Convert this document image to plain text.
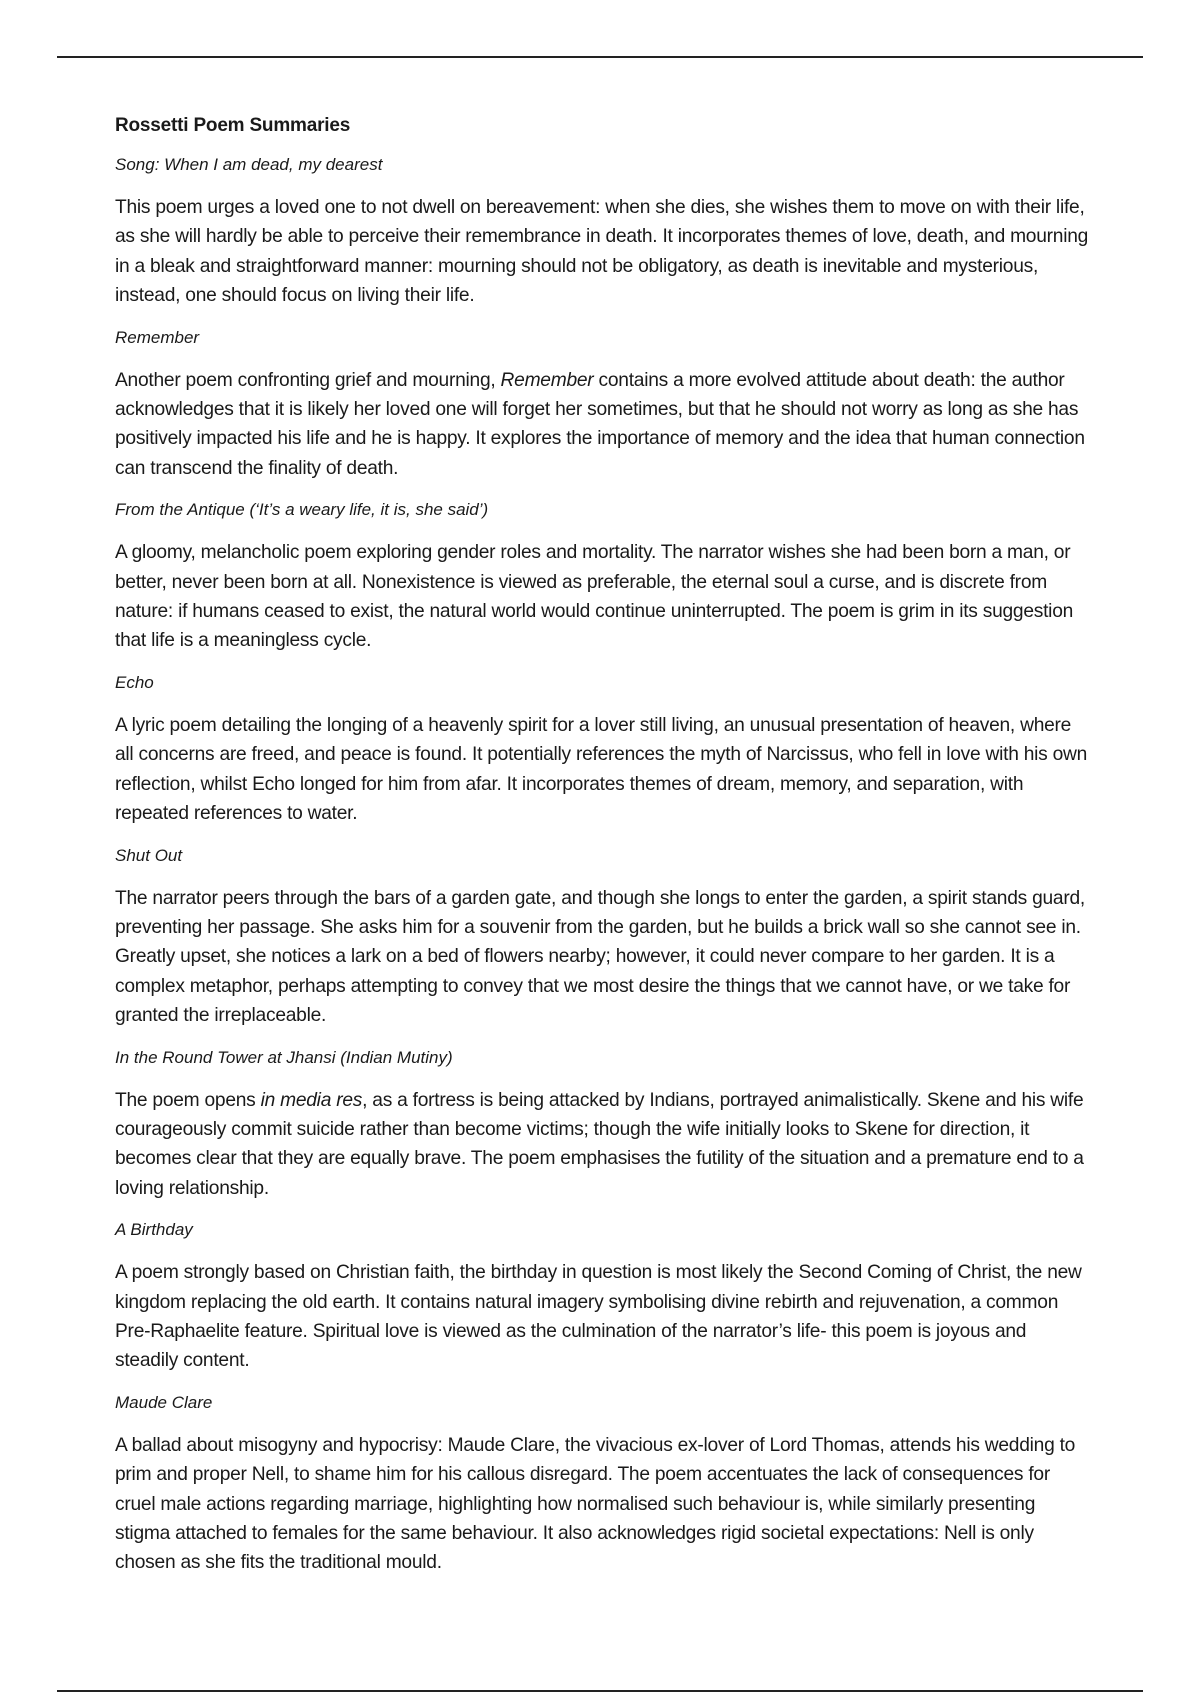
Rossetti Poem Summaries

Song: When I am dead, my dearest

This poem urges a loved one to not dwell on bereavement: when she dies, she wishes them to move on with their life, as she will hardly be able to perceive their remembrance in death. It incorporates themes of love, death, and mourning in a bleak and straightforward manner: mourning should not be obligatory, as death is inevitable and mysterious, instead, one should focus on living their life.

Remember

Another poem confronting grief and mourning, Remember contains a more evolved attitude about death: the author acknowledges that it is likely her loved one will forget her sometimes, but that he should not worry as long as she has positively impacted his life and he is happy. It explores the importance of memory and the idea that human connection can transcend the finality of death.

From the Antique (‘It’s a weary life, it is, she said’)

A gloomy, melancholic poem exploring gender roles and mortality. The narrator wishes she had been born a man, or better, never been born at all. Nonexistence is viewed as preferable, the eternal soul a curse, and is discrete from nature: if humans ceased to exist, the natural world would continue uninterrupted. The poem is grim in its suggestion that life is a meaningless cycle.

Echo

A lyric poem detailing the longing of a heavenly spirit for a lover still living, an unusual presentation of heaven, where all concerns are freed, and peace is found. It potentially references the myth of Narcissus, who fell in love with his own reflection, whilst Echo longed for him from afar. It incorporates themes of dream, memory, and separation, with repeated references to water.

Shut Out

The narrator peers through the bars of a garden gate, and though she longs to enter the garden, a spirit stands guard, preventing her passage. She asks him for a souvenir from the garden, but he builds a brick wall so she cannot see in. Greatly upset, she notices a lark on a bed of flowers nearby; however, it could never compare to her garden. It is a complex metaphor, perhaps attempting to convey that we most desire the things that we cannot have, or we take for granted the irreplaceable.

In the Round Tower at Jhansi (Indian Mutiny)

The poem opens in media res, as a fortress is being attacked by Indians, portrayed animalistically. Skene and his wife courageously commit suicide rather than become victims; though the wife initially looks to Skene for direction, it becomes clear that they are equally brave. The poem emphasises the futility of the situation and a premature end to a loving relationship.

A Birthday

A poem strongly based on Christian faith, the birthday in question is most likely the Second Coming of Christ, the new kingdom replacing the old earth. It contains natural imagery symbolising divine rebirth and rejuvenation, a common Pre-Raphaelite feature. Spiritual love is viewed as the culmination of the narrator’s life- this poem is joyous and steadily content.

Maude Clare

A ballad about misogyny and hypocrisy: Maude Clare, the vivacious ex-lover of Lord Thomas, attends his wedding to prim and proper Nell, to shame him for his callous disregard. The poem accentuates the lack of consequences for cruel male actions regarding marriage, highlighting how normalised such behaviour is, while similarly presenting stigma attached to females for the same behaviour. It also acknowledges rigid societal expectations: Nell is only chosen as she fits the traditional mould.
